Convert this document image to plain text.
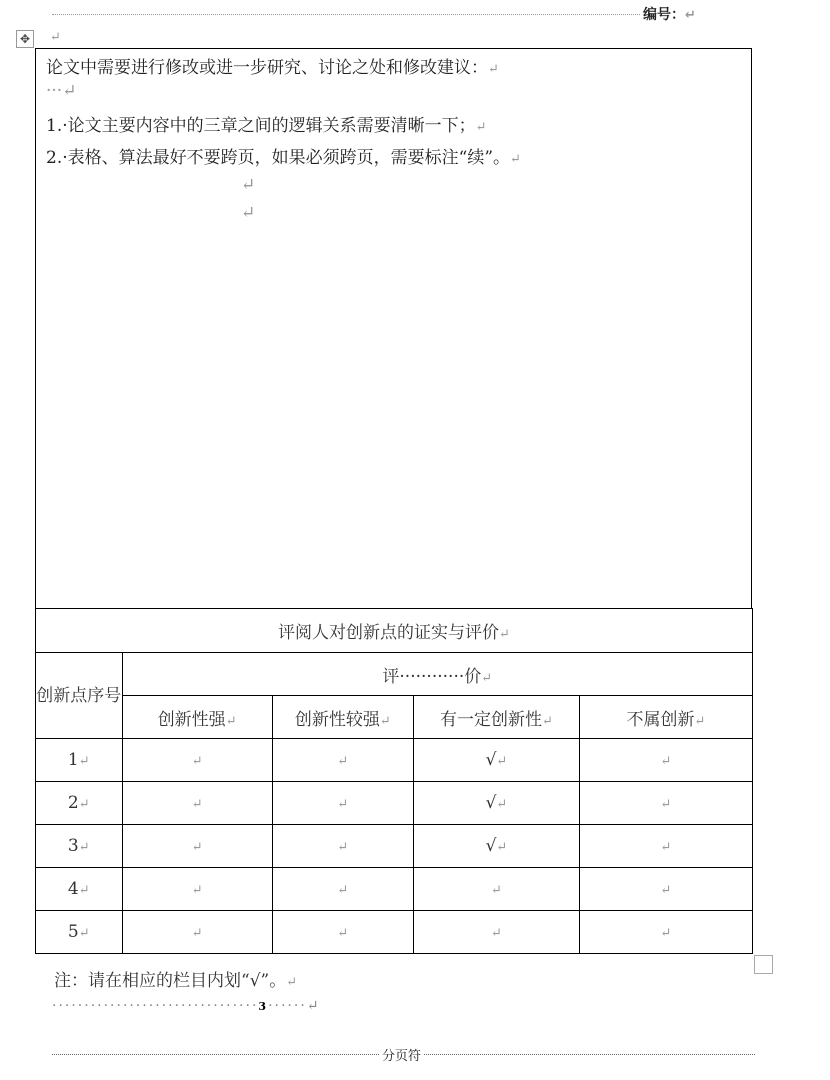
编号：↵
✥	↵
论文中需要进行修改或进一步研究、讨论之处和修改建议：↵
···↵
1.·论文主要内容中的三章之间的逻辑关系需要清晰一下；↵
2.·表格、算法最好不要跨页，如果必须跨页，需要标注“续”。↵
↵
↵
评阅人对创新点的证实与评价↵				
创新点序号	评············价↵			
	创新性强↵	创新性较强↵	有一定创新性↵	不属创新↵
1↵	↵	↵	√↵	↵
2↵	↵	↵	√↵	↵
3↵	↵	↵	√↵	↵
4↵	↵	↵	↵	↵
5↵	↵	↵	↵	↵
注：请在相应的栏目内划“√”。↵
································3······↵
分页符
